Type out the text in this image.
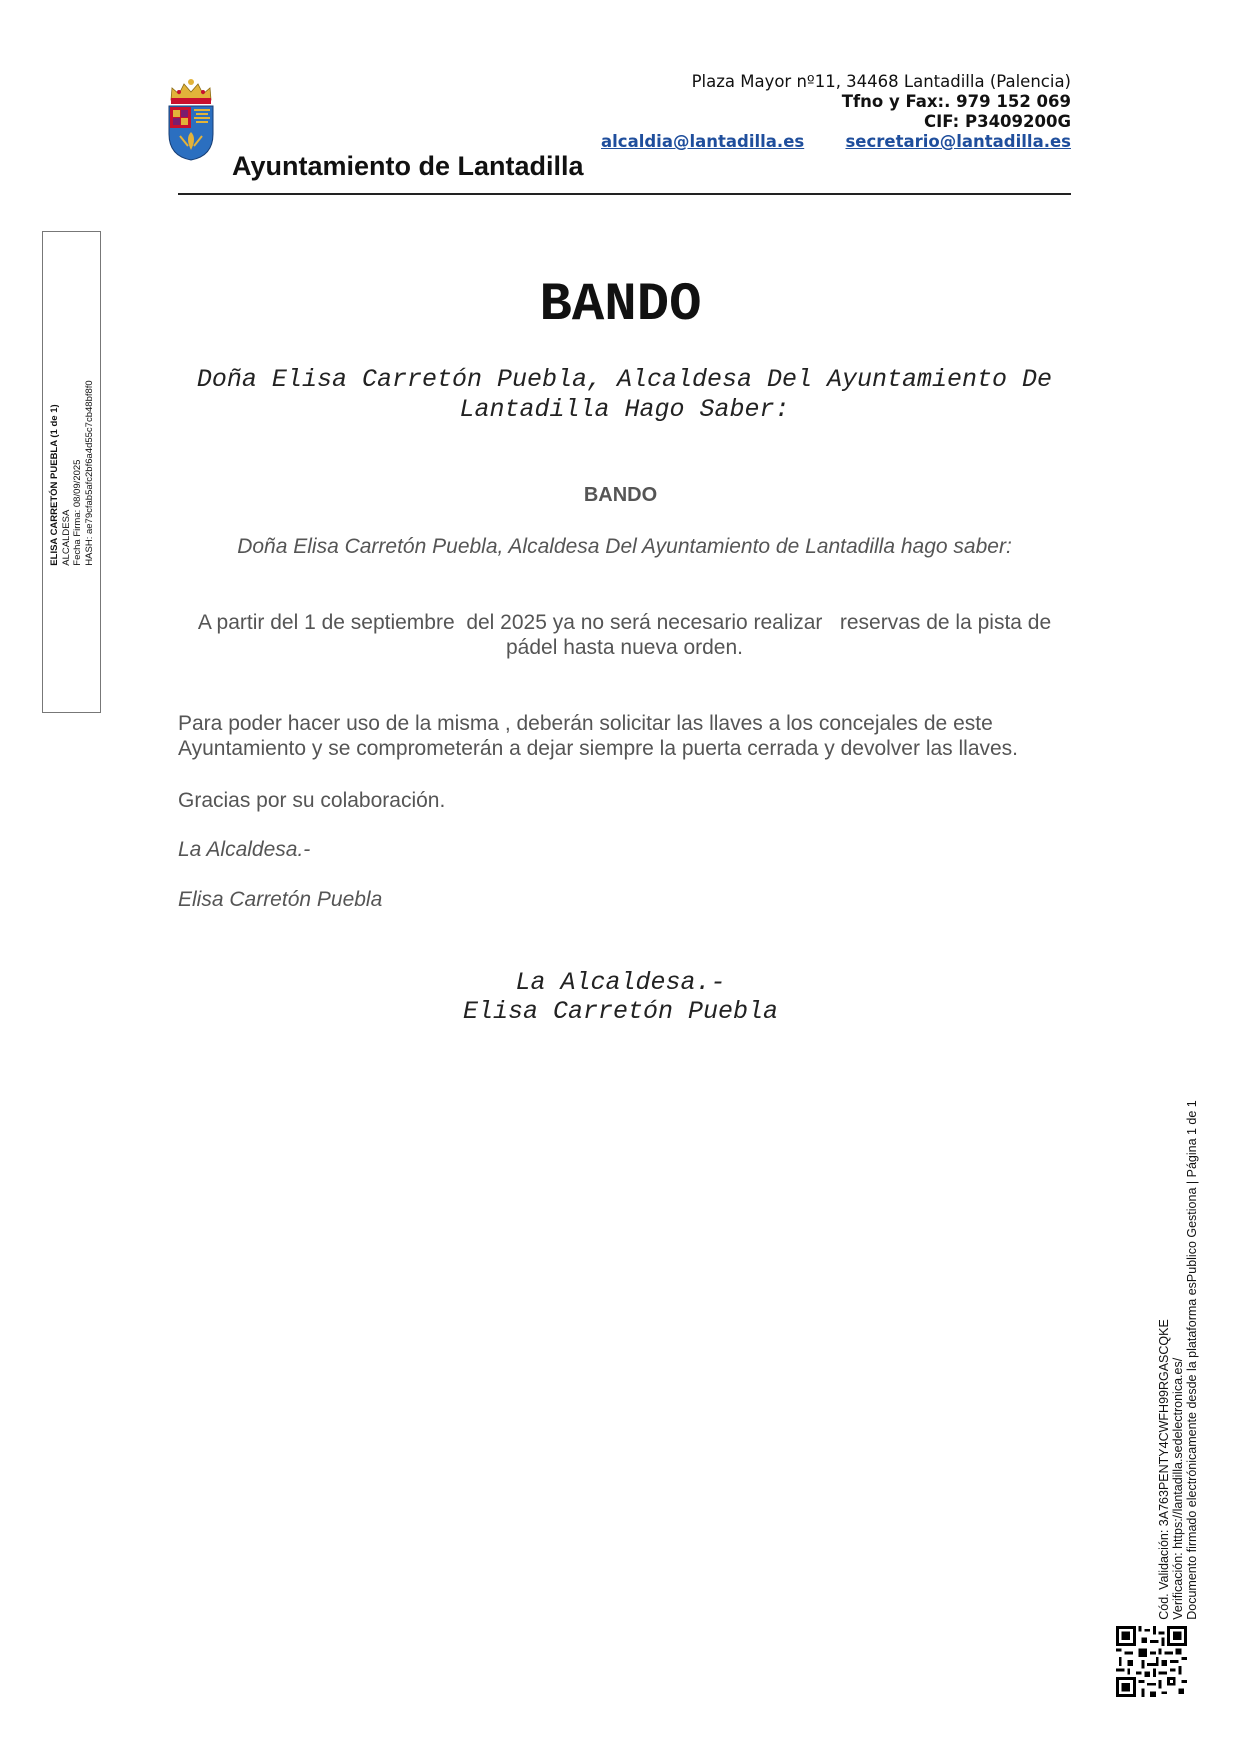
Ayuntamiento de Lantadilla
Plaza Mayor nº11, 34468 Lantadilla (Palencia)
Tfno y Fax:. 979 152 069
CIF: P3409200G
alcaldia@lantadilla.es	secretario@lantadilla.es
ELISA CARRETÓN PUEBLA (1 de 1) ALCALDESA Fecha Firma: 08/09/2025 HASH: ae79cfab5afc2bf6a4d55c7cb48bf8f0
BANDO
Doña Elisa Carretón Puebla, Alcaldesa Del Ayuntamiento De Lantadilla Hago Saber:
BANDO
Doña Elisa Carretón Puebla, Alcaldesa Del Ayuntamiento de Lantadilla hago saber:
A partir del 1 de septiembre  del 2025 ya no será necesario realizar   reservas de la pista de pádel hasta nueva orden.
Para poder hacer uso de la misma , deberán solicitar las llaves a los concejales de este Ayuntamiento y se comprometerán a dejar siempre la puerta cerrada y devolver las llaves.
Gracias por su colaboración.
La Alcaldesa.-
Elisa Carretón Puebla
La Alcaldesa.-
Elisa Carretón Puebla
Cód. Validación: 3A763PENTY4CWFH99RGASCQKE Verificación: https://lantadilla.sedelectronica.es/ Documento firmado electrónicamente desde la plataforma esPublico Gestiona | Página 1 de 1
